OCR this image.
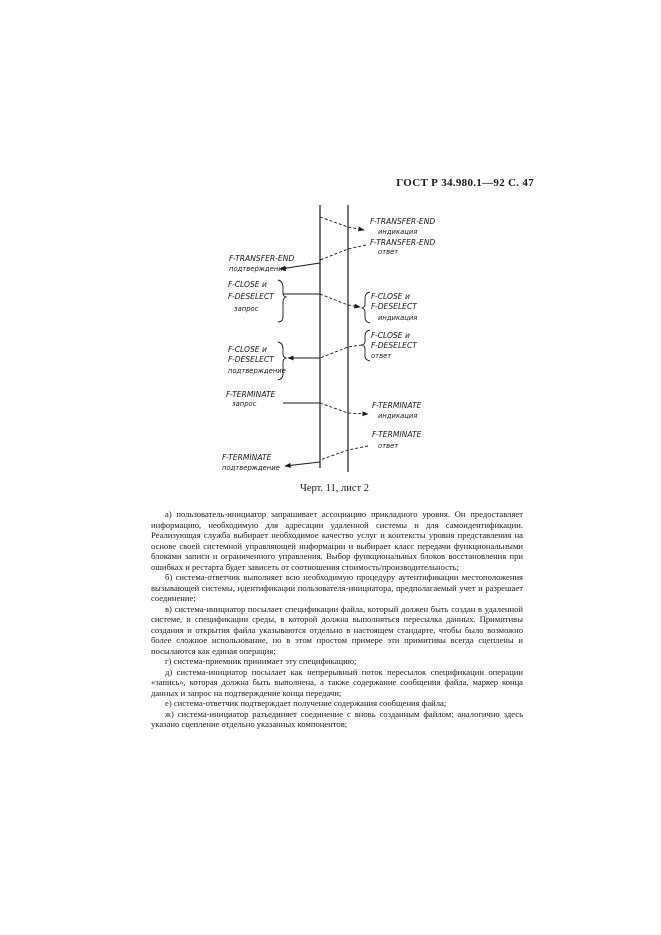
ГОСТ Р 34.980.1—92 С. 47
F-TRANSFER-END
индикация
F-TRANSFER-END
ответ
F-CLOSE и
F-DESELECT
индикация
F-CLOSE и
F-DESELECT
ответ
F-TERMINATE
индикация
F-TERMINATE
ответ
F-TRANSFER-END
подтверждение
F-CLOSE и
F-DESELECT
запрос
F-CLOSE и
F-DESELECT
подтверждение
F-TERMINATE
запрос
F-TERMINATE
подтверждение
Черт. 11, лист 2

а) пользователь-инициатор запрашивает ассоциацию прикладного уровня. Он предоставляет информацию, необходимую для адресации удаленной системы и для самоидентификации. Реализующая служба выбирает необходимое качество услуг и контексты уровня представления на основе своей системной управляющей информации и выбирает класс передачи функциональными блоками записи и ограниченного управления. Выбор функциональных блоков восстановления при ошибках и рестарта будет зависеть от соотношения стоимость/производительность;

б) система-ответчик выполняет всю необходимую процедуру аутентификации местоположения вызывающей системы, идентификации пользователя-инициатора, предполагаемый учет и разрешает соединение;

в) система-инициатор посылает спецификации файла, который должен быть создан в удаленной системе, и спецификации среды, в которой должна выполняться пересылка данных. Примитивы создания и открытия файла указываются отдельно в настоящем стандарте, чтобы было возможно более сложное использование, но в этом простом примере эти примитивы всегда сцеплены и посылаются как единая операция;

г) система-приемник принимает эту спецификацию;

д) система-инициатор посылает как непрерывный поток пересылок спецификации операции «запись», которая должна быть выполнена, а также содержание сообщения файла, маркер конца данных и запрос на подтверждение конца передачи;

е) система-ответчик подтверждает получение содержания сообщения файла;

ж) система-инициатор разъединяет соединение с вновь созданным файлом; аналогично здесь указано сцепление отдельно указанных компонентов;
